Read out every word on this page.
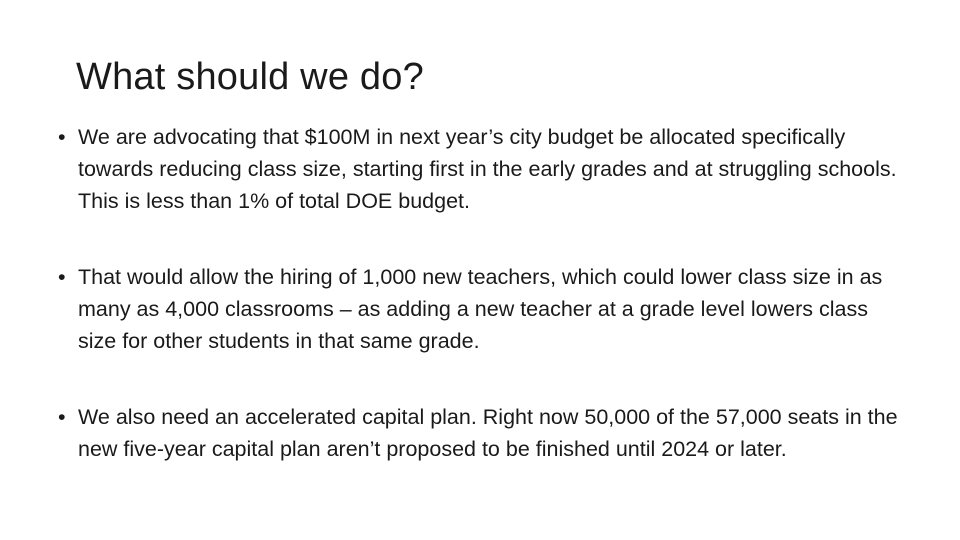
What should we do?
• We are advocating that $100M in next year’s city budget be allocated specifically towards reducing class size, starting first in the early grades and at struggling schools. This is less than 1% of total DOE budget.
• That would allow the hiring of 1,000 new teachers, which could lower class size in as many as 4,000 classrooms – as adding a new teacher at a grade level lowers class size for other students in that same grade.
• We also need an accelerated capital plan. Right now 50,000 of the 57,000 seats in the new five-year capital plan aren’t proposed to be finished until 2024 or later.
